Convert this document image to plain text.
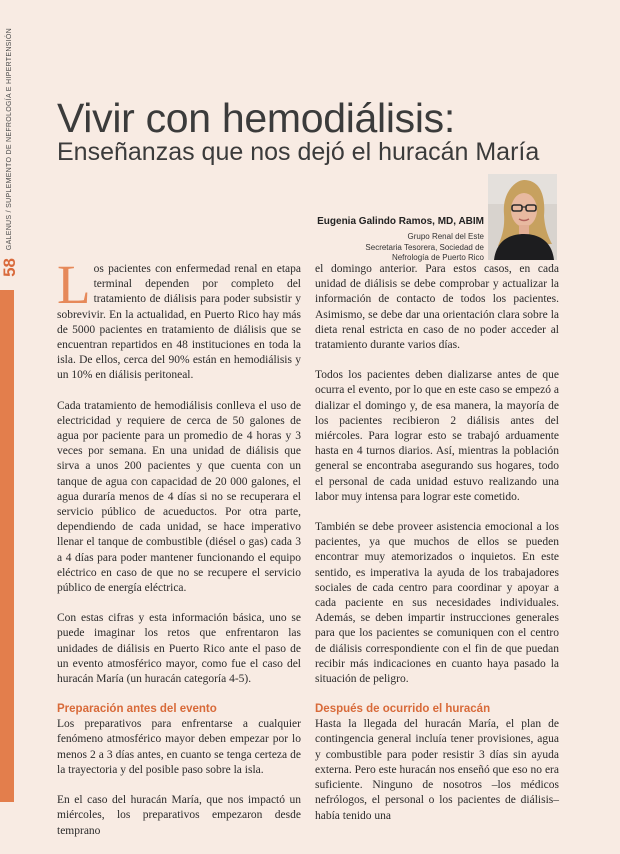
GALENUS / SUPLEMENTO DE NEFROLOGÍA E HIPERTENSIÓN
58
Vivir con hemodiálisis:
Enseñanzas que nos dejó el huracán María
Eugenia Galindo Ramos, MD, ABIM
Grupo Renal del Este
Secretaria Tesorera, Sociedad de
Nefrología de Puerto Rico

L os pacientes con enfermedad renal en etapa terminal dependen por completo del tratamiento de diálisis para poder subsistir y sobrevivir. En la actualidad, en Puerto Rico hay más de 5000 pacientes en tratamiento de diálisis que se encuentran repartidos en 48 instituciones en toda la isla. De ellos, cerca del 90% están en hemodiálisis y un 10% en diálisis peritoneal.

Cada tratamiento de hemodiálisis conlleva el uso de electricidad y requiere de cerca de 50 galones de agua por paciente para un promedio de 4 horas y 3 veces por semana. En una unidad de diálisis que sirva a unos 200 pacientes y que cuenta con un tanque de agua con capacidad de 20 000 galones, el agua duraría menos de 4 días si no se recuperara el servicio público de acueductos. Por otra parte, dependiendo de cada unidad, se hace imperativo llenar el tanque de combustible (diésel o gas) cada 3 a 4 días para poder mantener funcionando el equipo eléctrico en caso de que no se recupere el servicio público de energía eléctrica.

Con estas cifras y esta información básica, uno se puede imaginar los retos que enfrentaron las unidades de diálisis en Puerto Rico ante el paso de un evento atmosférico mayor, como fue el caso del huracán María (un huracán categoría 4-5).

Preparación antes del evento

Los preparativos para enfrentarse a cualquier fenómeno atmosférico mayor deben empezar por lo menos 2 a 3 días antes, en cuanto se tenga certeza de la trayectoria y del posible paso sobre la isla.

En el caso del huracán María, que nos impactó un miércoles, los preparativos empezaron desde temprano

el domingo anterior. Para estos casos, en cada unidad de diálisis se debe comprobar y actualizar la información de contacto de todos los pacientes. Asimismo, se debe dar una orientación clara sobre la dieta renal estricta en caso de no poder acceder al tratamiento durante varios días.

Todos los pacientes deben dializarse antes de que ocurra el evento, por lo que en este caso se empezó a dializar el domingo y, de esa manera, la mayoría de los pacientes recibieron 2 diálisis antes del miércoles. Para lograr esto se trabajó arduamente hasta en 4 turnos diarios. Así, mientras la población general se encontraba asegurando sus hogares, todo el personal de cada unidad estuvo realizando una labor muy intensa para lograr este cometido.

También se debe proveer asistencia emocional a los pacientes, ya que muchos de ellos se pueden encontrar muy atemorizados o inquietos. En este sentido, es imperativa la ayuda de los trabajadores sociales de cada centro para coordinar y apoyar a cada paciente en sus necesidades individuales. Además, se deben impartir instrucciones generales para que los pacientes se comuniquen con el centro de diálisis correspondiente con el fin de que puedan recibir más indicaciones en cuanto haya pasado la situación de peligro.

Después de ocurrido el huracán

Hasta la llegada del huracán María, el plan de contingencia general incluía tener provisiones, agua y combustible para poder resistir 3 días sin ayuda externa. Pero este huracán nos enseñó que eso no era suficiente. Ninguno de nosotros –los médicos nefrólogos, el personal o los pacientes de diálisis– había tenido una
